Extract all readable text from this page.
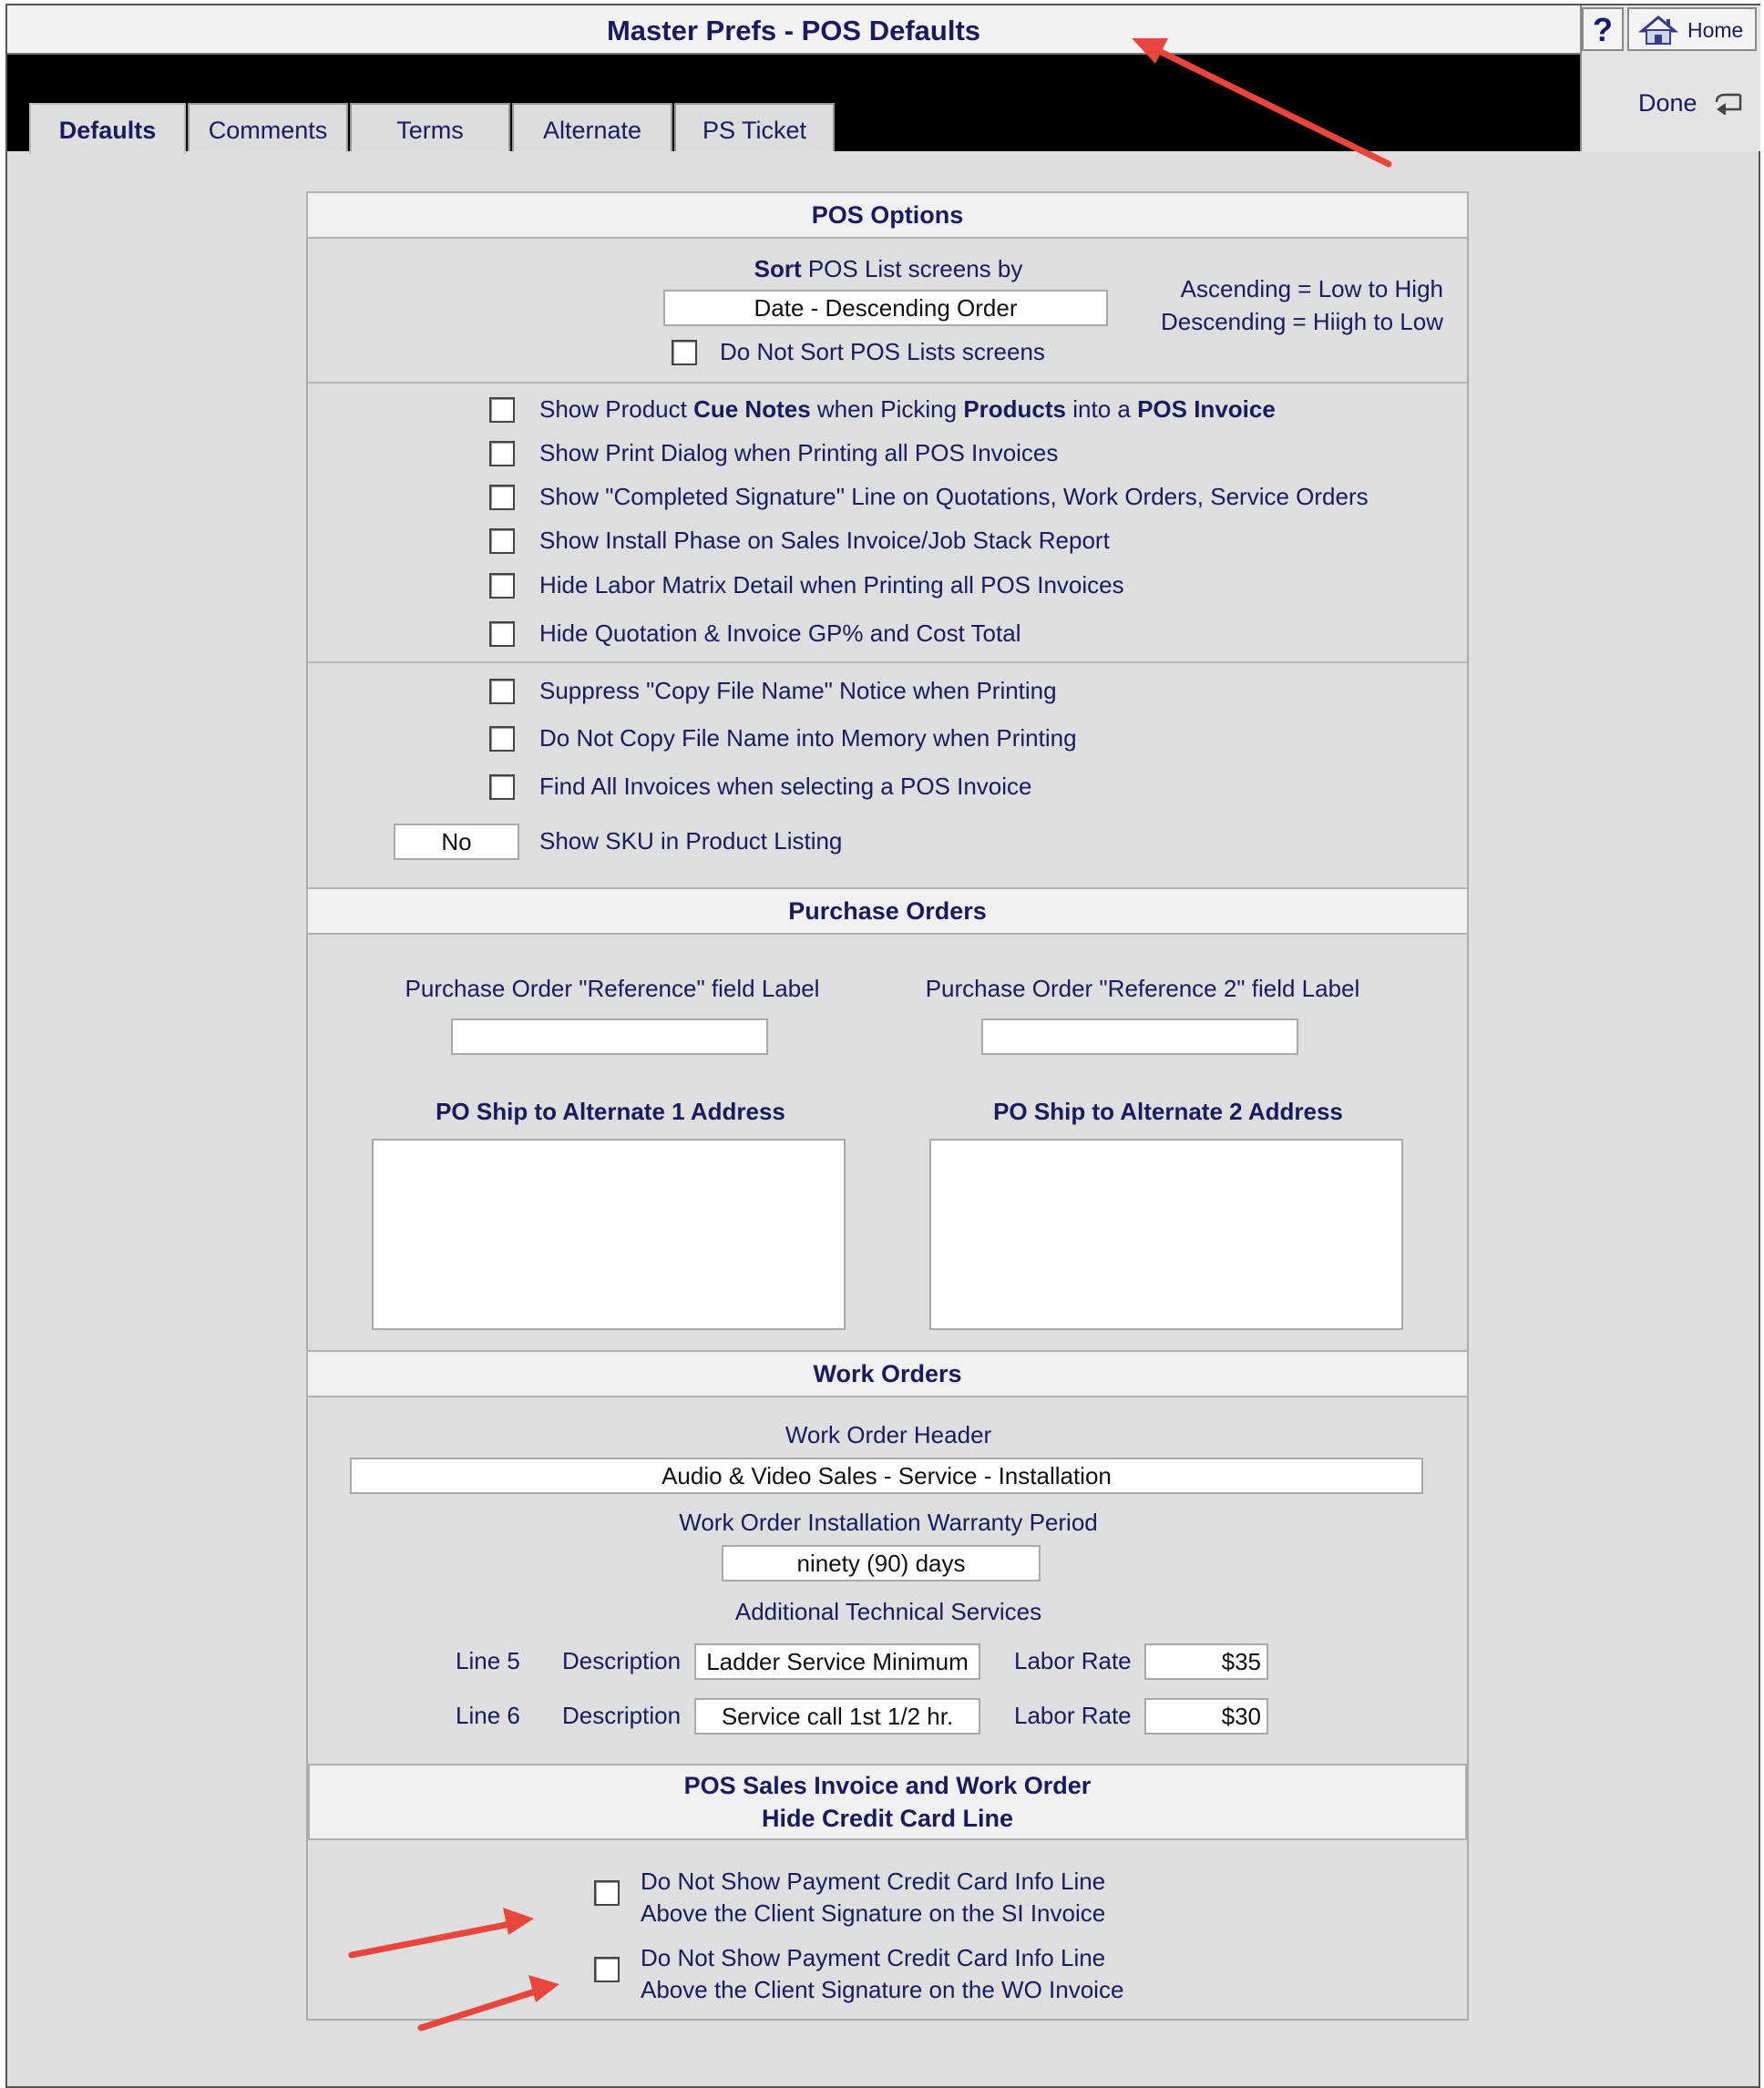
Master Prefs - POS Defaults	?	Home
Done
Defaults	Comments	Terms	Alternate	PS Ticket
POS Options
Sort POS List screens by
Date - Descending Order
Ascending = Low to High
Descending = Hiigh to Low
Do Not Sort POS Lists screens
Show Product Cue Notes when Picking Products into a POS Invoice
Show Print Dialog when Printing all POS Invoices
Show "Completed Signature" Line on Quotations, Work Orders, Service Orders
Show Install Phase on Sales Invoice/Job Stack Report
Hide Labor Matrix Detail when Printing all POS Invoices
Hide Quotation & Invoice GP% and Cost Total
Suppress "Copy File Name" Notice when Printing
Do Not Copy File Name into Memory when Printing
Find All Invoices when selecting a POS Invoice
No	Show SKU in Product Listing
Purchase Orders
Purchase Order "Reference" field Label	Purchase Order "Reference 2" field Label
PO Ship to Alternate 1 Address	PO Ship to Alternate 2 Address
Work Orders
Work Order Header
Audio & Video Sales - Service - Installation
Work Order Installation Warranty Period
ninety (90) days
Additional Technical Services
Line 5 Description	Ladder Service Minimum	Labor Rate	$35
Line 6 Description	Service call 1st 1/2 hr.	Labor Rate	$30
POS Sales Invoice and Work Order
Hide Credit Card Line
Do Not Show Payment Credit Card Info Line
Above the Client Signature on the SI Invoice
Do Not Show Payment Credit Card Info Line
Above the Client Signature on the WO Invoice
